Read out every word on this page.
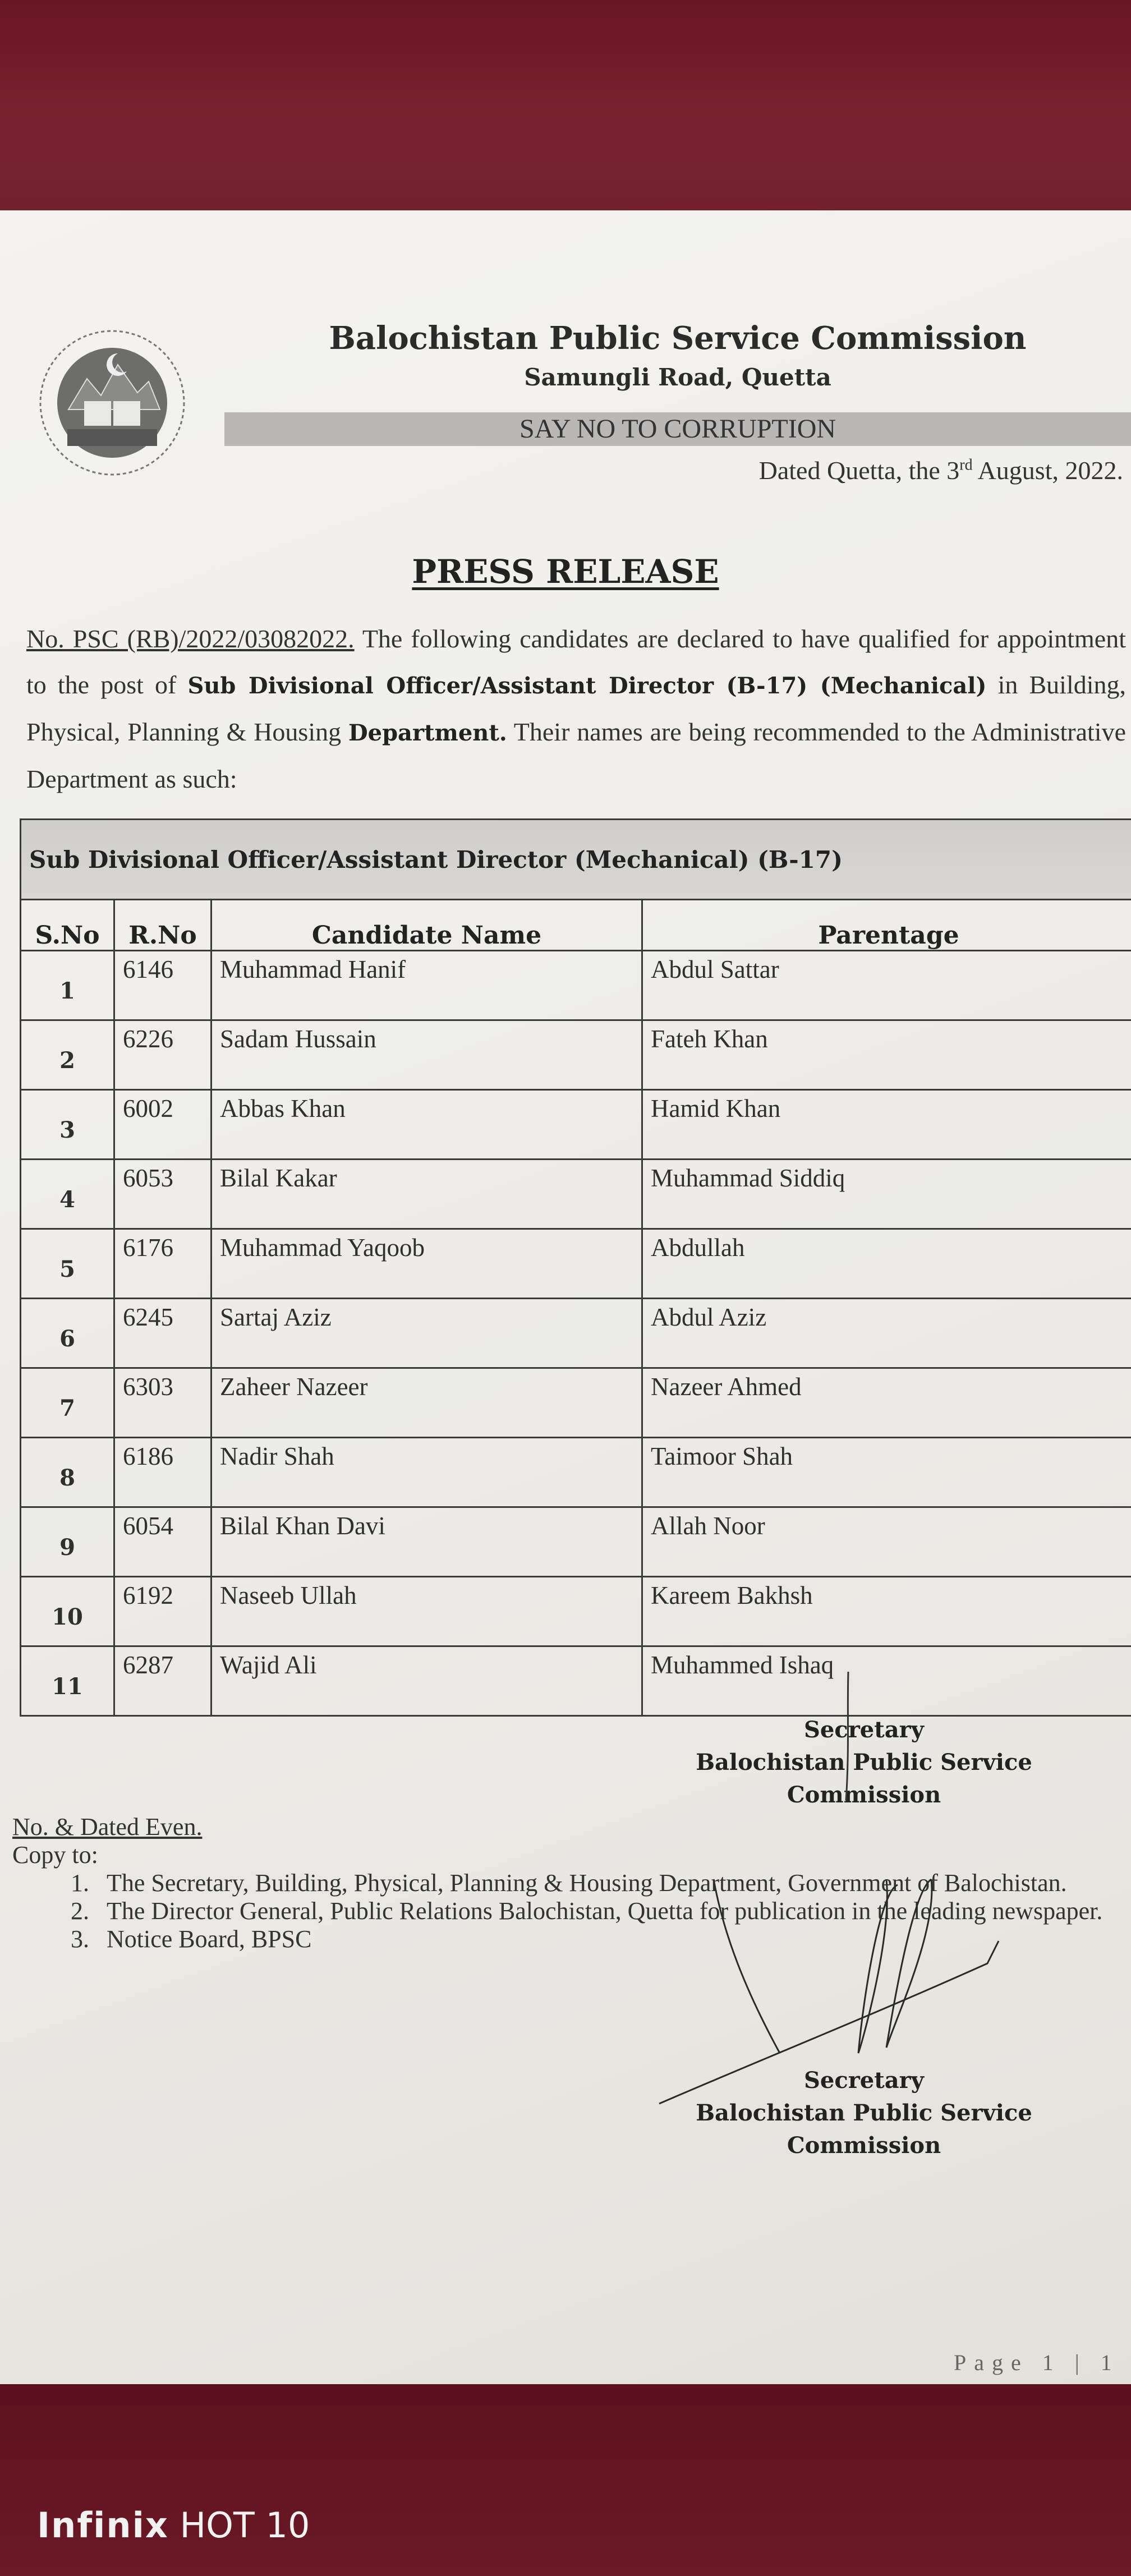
Balochistan Public Service Commission
Samungli Road, Quetta
SAY NO TO CORRUPTION
Dated Quetta, the 3rd August, 2022.
PRESS RELEASE
No. PSC (RB)/2022/03082022. The following candidates are declared to have qualified for appointment to the post of Sub Divisional Officer/Assistant Director (B-17) (Mechanical) in Building, Physical, Planning & Housing Department. Their names are being recommended to the Administrative Department as such:
Sub Divisional Officer/Assistant Director (Mechanical) (B-17)			
S.No	R.No	Candidate Name	Parentage
1	6146	Muhammad Hanif	Abdul Sattar
2	6226	Sadam Hussain	Fateh Khan
3	6002	Abbas Khan	Hamid Khan
4	6053	Bilal Kakar	Muhammad Siddiq
5	6176	Muhammad Yaqoob	Abdullah
6	6245	Sartaj Aziz	Abdul Aziz
7	6303	Zaheer Nazeer	Nazeer Ahmed
8	6186	Nadir Shah	Taimoor Shah
9	6054	Bilal Khan Davi	Allah Noor
10	6192	Naseeb Ullah	Kareem Bakhsh
11	6287	Wajid Ali	Muhammed Ishaq
Secretary
Balochistan Public Service
Commission
No. & Dated Even.
Copy to:
1. The Secretary, Building, Physical, Planning & Housing Department, Government of Balochistan.
2. The Director General, Public Relations Balochistan, Quetta for publication in the leading newspaper.
3. Notice Board, BPSC
Secretary
Balochistan Public Service
Commission
Page 1 | 1
Infinix HOT 10
